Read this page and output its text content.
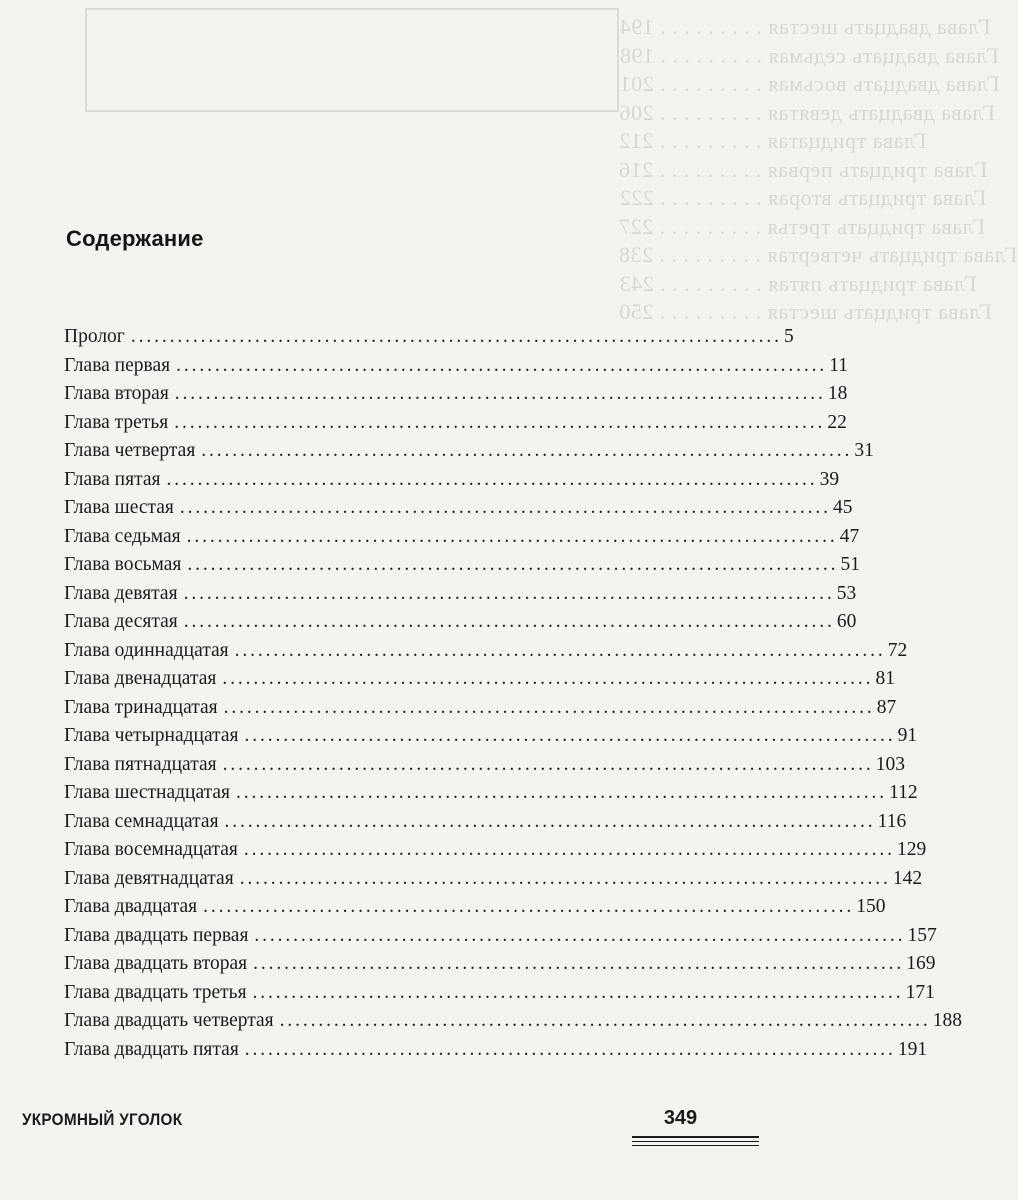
Глава двадцать шестая . . . . . . . . . 194
Глава двадцать седьмая . . . . . . . . . 198
Глава двадцать восьмая . . . . . . . . . 201
Глава двадцать девятая . . . . . . . . . 206
Глава тридцатая . . . . . . . . . 212
Глава тридцать первая . . . . . . . . . 216
Глава тридцать вторая . . . . . . . . . 222
Глава тридцать третья . . . . . . . . . 227
Глава тридцать четвертая . . . . . . . . . 238
Глава тридцать пятая . . . . . . . . . 243
Глава тридцать шестая . . . . . . . . . 250
Содержание
Пролог . . .	5
Глава первая . . .	11
Глава вторая . . .	18
Глава третья . . .	22
Глава четвертая . . .	31
Глава пятая . . .	39
Глава шестая . . .	45
Глава седьмая . . .	47
Глава восьмая . . .	51
Глава девятая . . .	53
Глава десятая . . .	60
Глава одиннадцатая . . .	72
Глава двенадцатая . . .	81
Глава тринадцатая . . .	87
Глава четырнадцатая . . .	91
Глава пятнадцатая . . .	103
Глава шестнадцатая . . .	112
Глава семнадцатая . . .	116
Глава восемнадцатая . . .	129
Глава девятнадцатая . . .	142
Глава двадцатая . . .	150
Глава двадцать первая . . .	157
Глава двадцать вторая . . .	169
Глава двадцать третья . . .	171
Глава двадцать четвертая . . .	188
Глава двадцать пятая . . .	191
УКРОМНЫЙ УГОЛОК	349
